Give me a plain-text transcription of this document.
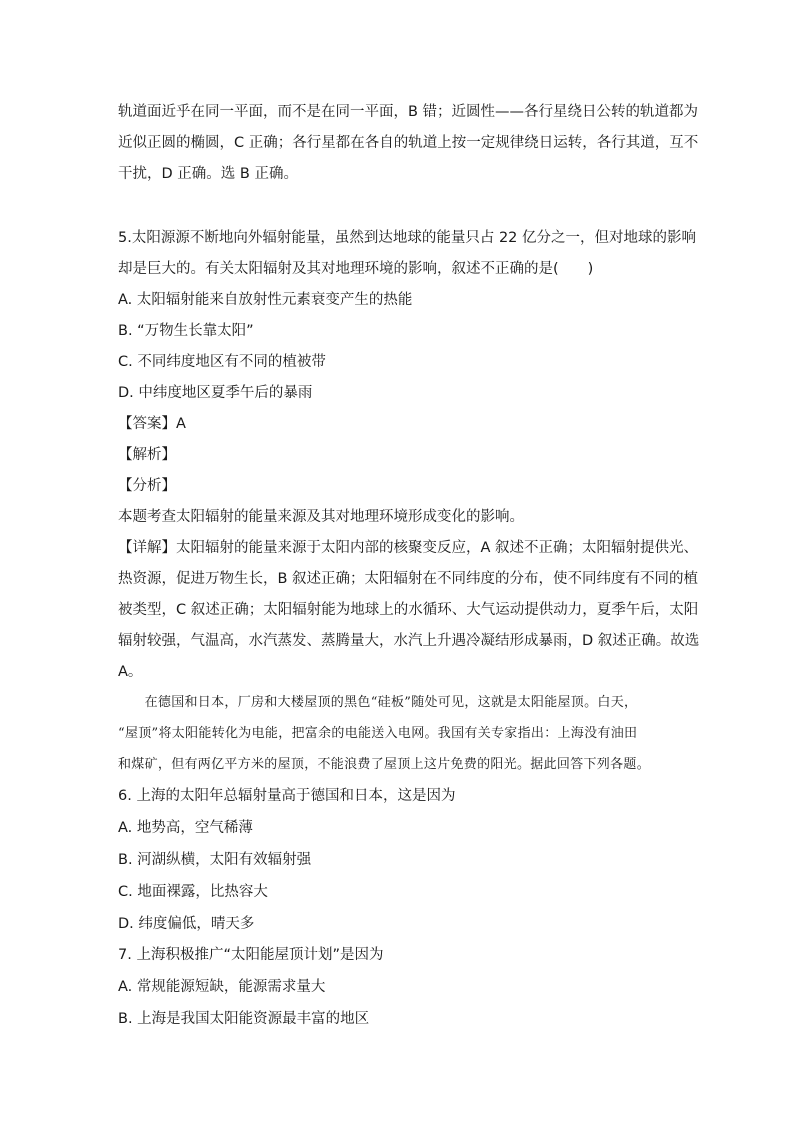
轨道面近乎在同一平面，而不是在同一平面，B 错；近圆性——各行星绕日公转的轨道都为
近似正圆的椭圆，C 正确；各行星都在各自的轨道上按一定规律绕日运转，各行其道，互不
干扰，D 正确。选 B 正确。
5.太阳源源不断地向外辐射能量，虽然到达地球的能量只占 22 亿分之一，但对地球的影响
却是巨大的。有关太阳辐射及其对地理环境的影响，叙述不正确的是(　　)
A. 太阳辐射能来自放射性元素衰变产生的热能
B. “万物生长靠太阳”
C. 不同纬度地区有不同的植被带
D. 中纬度地区夏季午后的暴雨
【答案】A
【解析】
【分析】
本题考查太阳辐射的能量来源及其对地理环境形成变化的影响。
【详解】太阳辐射的能量来源于太阳内部的核聚变反应，A 叙述不正确；太阳辐射提供光、
热资源，促进万物生长，B 叙述正确；太阳辐射在不同纬度的分布，使不同纬度有不同的植
被类型，C 叙述正确；太阳辐射能为地球上的水循环、大气运动提供动力，夏季午后，太阳
辐射较强，气温高，水汽蒸发、蒸腾量大，水汽上升遇冷凝结形成暴雨，D 叙述正确。故选
A。
　　在德国和日本，厂房和大楼屋顶的黑色“硅板”随处可见，这就是太阳能屋顶。白天，
“屋顶”将太阳能转化为电能，把富余的电能送入电网。我国有关专家指出：上海没有油田
和煤矿，但有两亿平方米的屋顶，不能浪费了屋顶上这片免费的阳光。据此回答下列各题。
6. 上海的太阳年总辐射量高于德国和日本，这是因为
A. 地势高，空气稀薄
B. 河湖纵横，太阳有效辐射强
C. 地面裸露，比热容大
D. 纬度偏低，晴天多
7. 上海积极推广“太阳能屋顶计划”是因为
A. 常规能源短缺，能源需求量大
B. 上海是我国太阳能资源最丰富的地区
